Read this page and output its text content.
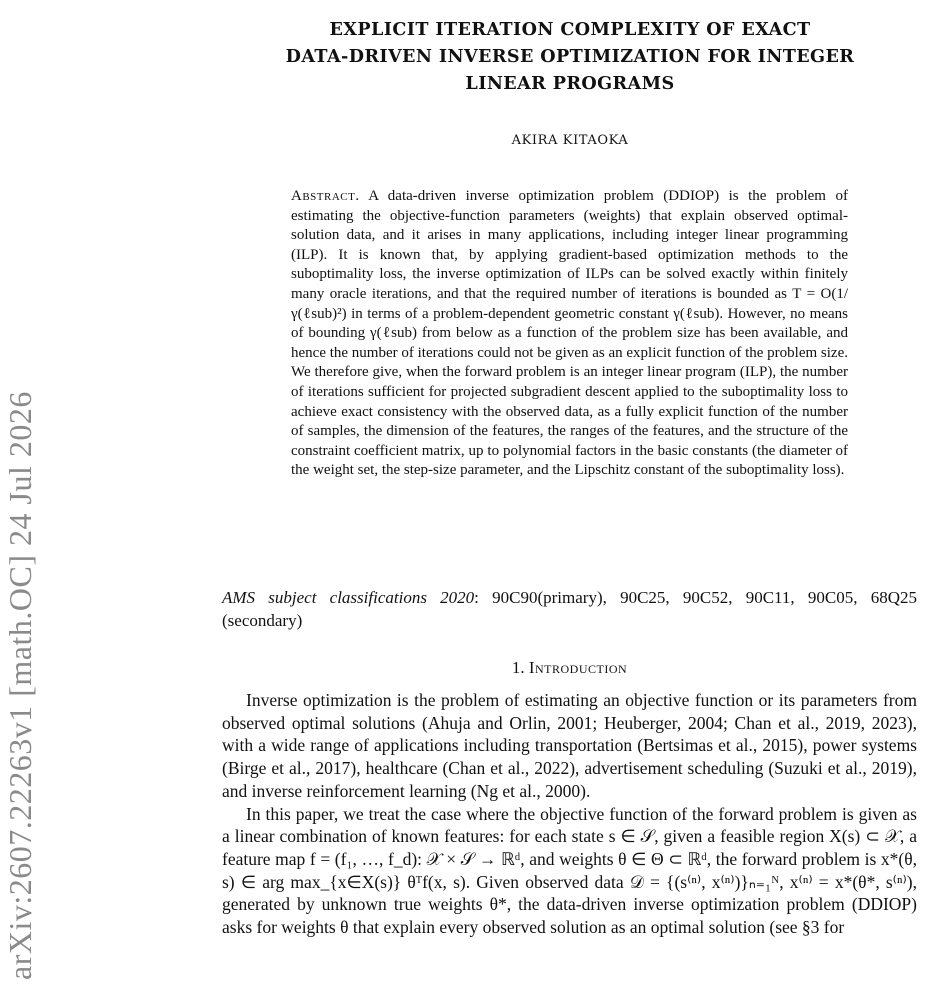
arXiv:2607.22263v1 [math.OC] 24 Jul 2026
EXPLICIT ITERATION COMPLEXITY OF EXACT
DATA-DRIVEN INVERSE OPTIMIZATION FOR INTEGER
LINEAR PROGRAMS
AKIRA KITAOKA
Abstract. A data-driven inverse optimization problem (DDIOP) is the problem of estimating the objective-function parameters (weights) that explain observed optimal-solution data, and it arises in many applications, including integer linear programming (ILP). It is known that, by applying gradient-based optimization methods to the suboptimality loss, the inverse optimization of ILPs can be solved exactly within finitely many oracle iterations, and that the required number of iterations is bounded as T = O(1/γ(ℓsub)²) in terms of a problem-dependent geometric constant γ(ℓsub). However, no means of bounding γ(ℓsub) from below as a function of the problem size has been available, and hence the number of iterations could not be given as an explicit function of the problem size. We therefore give, when the forward problem is an integer linear program (ILP), the number of iterations sufficient for projected subgradient descent applied to the suboptimality loss to achieve exact consistency with the observed data, as a fully explicit function of the number of samples, the dimension of the features, the ranges of the features, and the structure of the constraint coefficient matrix, up to polynomial factors in the basic constants (the diameter of the weight set, the step-size parameter, and the Lipschitz constant of the suboptimality loss).
AMS subject classifications 2020: 90C90(primary), 90C25, 90C52, 90C11, 90C05, 68Q25 (secondary)
1. Introduction

Inverse optimization is the problem of estimating an objective function or its parameters from observed optimal solutions (Ahuja and Orlin, 2001; Heuberger, 2004; Chan et al., 2019, 2023), with a wide range of applications including transportation (Bertsimas et al., 2015), power systems (Birge et al., 2017), healthcare (Chan et al., 2022), advertisement scheduling (Suzuki et al., 2019), and inverse reinforcement learning (Ng et al., 2000).

In this paper, we treat the case where the objective function of the forward problem is given as a linear combination of known features: for each state s ∈ 𝒮, given a feasible region X(s) ⊂ 𝒳, a feature map f = (f₁, …, f_d): 𝒳 × 𝒮 → ℝᵈ, and weights θ ∈ Θ ⊂ ℝᵈ, the forward problem is x*(θ, s) ∈ arg max_{x∈X(s)} θᵀf(x, s). Given observed data 𝒟 = {(s⁽ⁿ⁾, x⁽ⁿ⁾)}ₙ₌₁ᴺ, x⁽ⁿ⁾ = x*(θ*, s⁽ⁿ⁾), generated by unknown true weights θ*, the data-driven inverse optimization problem (DDIOP) asks for weights θ that explain every observed solution as an optimal solution (see §3 for
